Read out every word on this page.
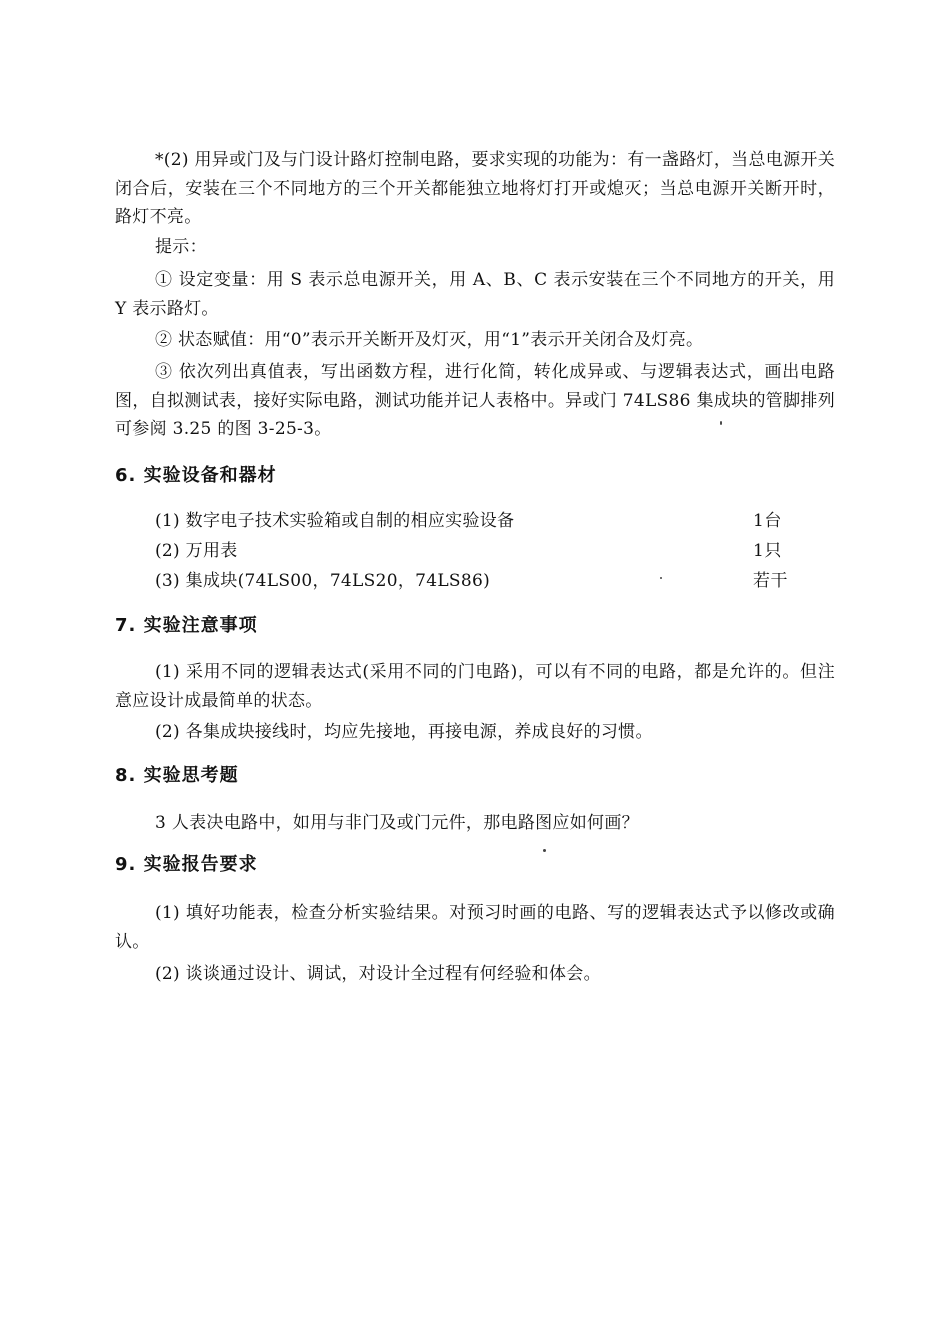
*(2) 用异或门及与门设计路灯控制电路，要求实现的功能为：有一盏路灯，当总电源开关闭合后，安装在三个不同地方的三个开关都能独立地将灯打开或熄灭；当总电源开关断开时，路灯不亮。

提示：

① 设定变量：用 S 表示总电源开关，用 A、B、C 表示安装在三个不同地方的开关，用 Y 表示路灯。

② 状态赋值：用“0”表示开关断开及灯灭，用“1”表示开关闭合及灯亮。

③ 依次列出真值表，写出函数方程，进行化简，转化成异或、与逻辑表达式，画出电路图，自拟测试表，接好实际电路，测试功能并记人表格中。异或门 74LS86 集成块的管脚排列可参阅 3.25 的图 3-25-3。

6. 实验设备和器材
(1) 数字电子技术实验箱或自制的相应实验设备	1台
(2) 万用表	1只
(3) 集成块(74LS00，74LS20，74LS86)	若干
7. 实验注意事项

(1) 采用不同的逻辑表达式(采用不同的门电路)，可以有不同的电路，都是允许的。但注意应设计成最简单的状态。

(2) 各集成块接线时，均应先接地，再接电源，养成良好的习惯。

8. 实验思考题

3 人表决电路中，如用与非门及或门元件，那电路图应如何画？

9. 实验报告要求

(1) 填好功能表，检查分析实验结果。对预习时画的电路、写的逻辑表达式予以修改或确认。

(2) 谈谈通过设计、调试，对设计全过程有何经验和体会。
